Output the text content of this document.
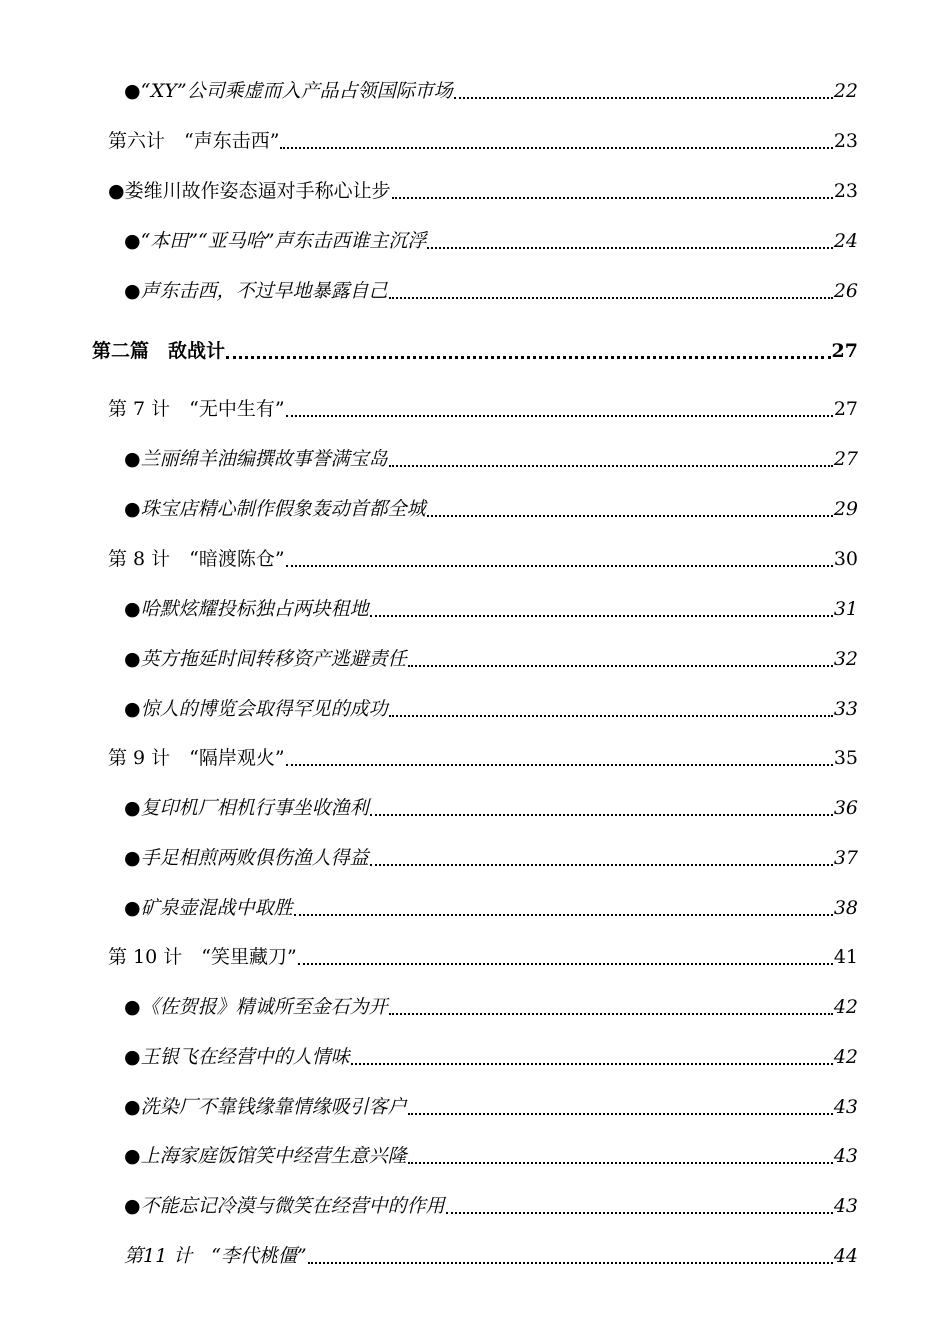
●“XY”公司乘虚而入产品占领国际市场	22
第六计　“声东击西”	23
●娄维川故作姿态逼对手称心让步	23
●“本田”“亚马哈”声东击西谁主沉浮	24
●声东击西，不过早地暴露自己	26
第二篇　敌战计	27
第 7 计　“无中生有”	27
●兰丽绵羊油编撰故事誉满宝岛	27
●珠宝店精心制作假象轰动首都全城	29
第 8 计　“暗渡陈仓”	30
●哈默炫耀投标独占两块租地	31
●英方拖延时间转移资产逃避责任	32
●惊人的博览会取得罕见的成功	33
第 9 计　“隔岸观火”	35
●复印机厂相机行事坐收渔利	36
●手足相煎两败俱伤渔人得益	37
●矿泉壶混战中取胜	38
第 10 计　“笑里藏刀”	41
●《佐贺报》精诚所至金石为开	42
●王银飞在经营中的人情味	42
●洗染厂不靠钱缘靠情缘吸引客户	43
●上海家庭饭馆笑中经营生意兴隆	43
●不能忘记冷漠与微笑在经营中的作用	43
第11 计　“李代桃僵”	44
